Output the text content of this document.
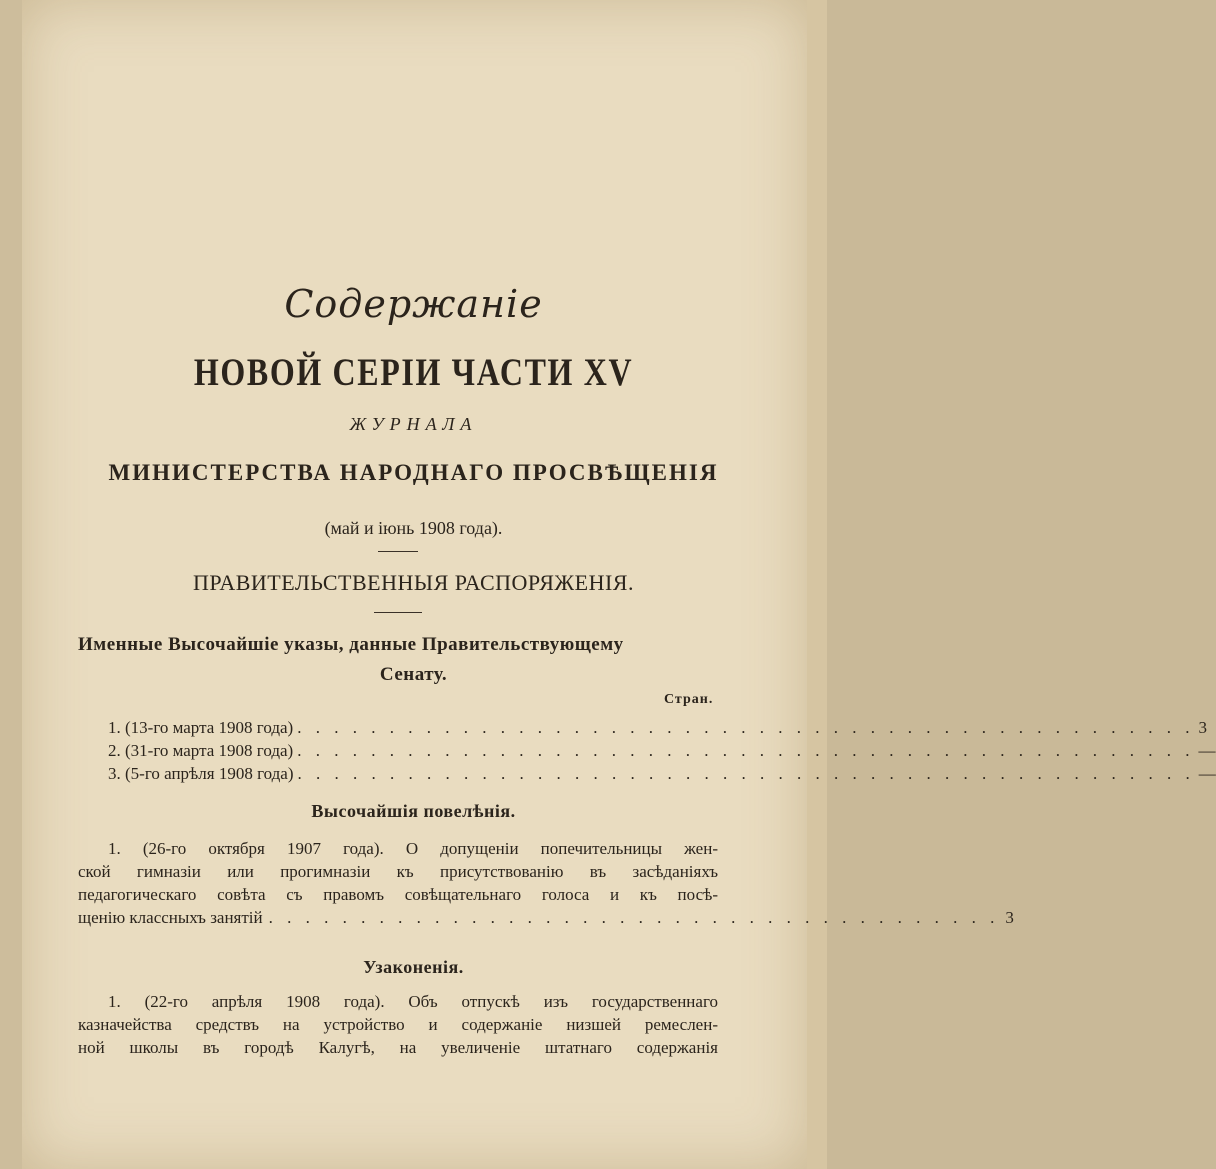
Содержаніе
НОВОЙ СЕРІИ ЧАСТИ XV
ЖУРНАЛА
МИНИСТЕРСТВА НАРОДНАГО ПРОСВѢЩЕНІЯ
(май и іюнь 1908 года).
ПРАВИТЕЛЬСТВЕННЫЯ РАСПОРЯЖЕНІЯ.
Именные Высочайшіе указы, данные Правительствующему
Сенату.
Стран.
1. (13-го марта 1908 года) . . . . . . . . . . . . . . . . . . . . . . . . . . . . . . . . . . . . . . . . . . . . . . . . . 3
2. (31-го марта 1908 года) . . . . . . . . . . . . . . . . . . . . . . . . . . . . . . . . . . . . . . . . . . . . . . . . . —
3. (5-го апрѣля 1908 года) . . . . . . . . . . . . . . . . . . . . . . . . . . . . . . . . . . . . . . . . . . . . . . . . . —
Высочайшія повелѣнія.
1. (26-го октября 1907 года). О допущеніи попечительницы жен-
ской гимназіи или прогимназіи къ присутствованію въ засѣданіяхъ
педагогическаго совѣта съ правомъ совѣщательнаго голоса и къ посѣ-
щенію классныхъ занятій . . . . . . . . . . . . . . . . . . . . . . . . . . . . . . . . . . . . . . . . 3
Узаконенія.
1. (22-го апрѣля 1908 года). Объ отпускѣ изъ государственнаго
казначейства средствъ на устройство и содержаніе низшей ремеслен-
ной школы въ городѣ Калугѣ, на увеличеніе штатнаго содержанія
